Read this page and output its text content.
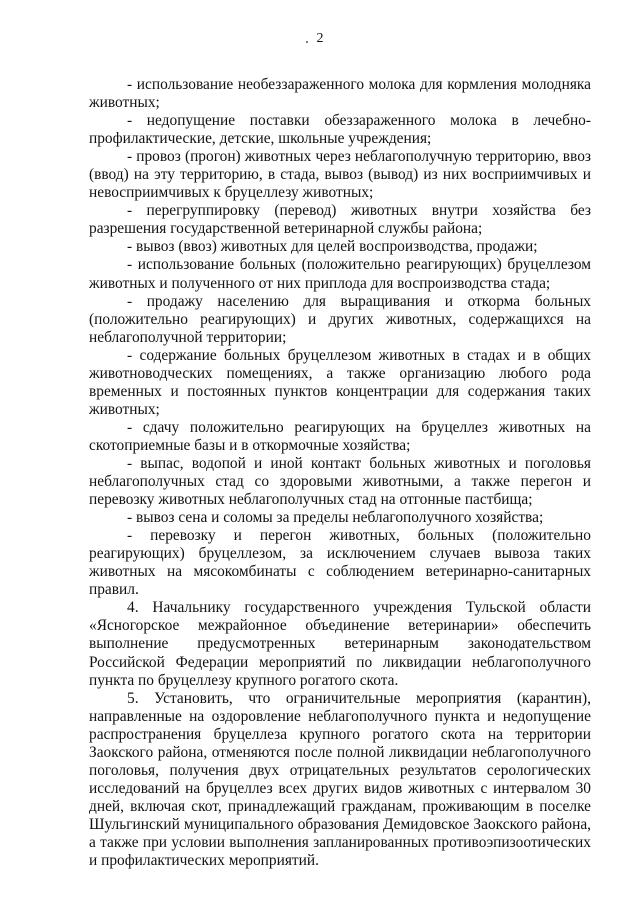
2

- использование необеззараженного молока для кормления молодняка животных;

- недопущение поставки обеззараженного молока в лечебно-профилактические, детские, школьные учреждения;

- провоз (прогон) животных через неблагополучную территорию, ввоз (ввод) на эту территорию, в стада, вывоз (вывод) из них восприимчивых и невосприимчивых к бруцеллезу животных;

- перегруппировку (перевод) животных внутри хозяйства без разрешения государственной ветеринарной службы района;

- вывоз (ввоз) животных для целей воспроизводства, продажи;

- использование больных (положительно реагирующих) бруцеллезом животных и полученного от них приплода для воспроизводства стада;

- продажу населению для выращивания и откорма больных (положительно реагирующих) и других животных, содержащихся на неблагополучной территории;

- содержание больных бруцеллезом животных в стадах и в общих животноводческих помещениях, а также организацию любого рода временных и постоянных пунктов концентрации для содержания таких животных;

- сдачу положительно реагирующих на бруцеллез животных на скотоприемные базы и в откормочные хозяйства;

- выпас, водопой и иной контакт больных животных и поголовья неблагополучных стад со здоровыми животными, а также перегон и перевозку животных неблагополучных стад на отгонные пастбища;

- вывоз сена и соломы за пределы неблагополучного хозяйства;

- перевозку и перегон животных, больных (положительно реагирующих) бруцеллезом, за исключением случаев вывоза таких животных на мясокомбинаты с соблюдением ветеринарно-санитарных правил.

4. Начальнику государственного учреждения Тульской области «Ясногорское межрайонное объединение ветеринарии» обеспечить выполнение предусмотренных ветеринарным законодательством Российской Федерации мероприятий по ликвидации неблагополучного пункта по бруцеллезу крупного рогатого скота.

5. Установить, что ограничительные мероприятия (карантин), направленные на оздоровление неблагополучного пункта и недопущение распространения бруцеллеза крупного рогатого скота на территории Заокского района, отменяются после полной ликвидации неблагополучного поголовья, получения двух отрицательных результатов серологических исследований на бруцеллез всех других видов животных с интервалом 30 дней, включая скот, принадлежащий гражданам, проживающим в поселке Шульгинский муниципального образования Демидовское Заокского района, а также при условии выполнения запланированных противоэпизоотических и профилактических мероприятий.
